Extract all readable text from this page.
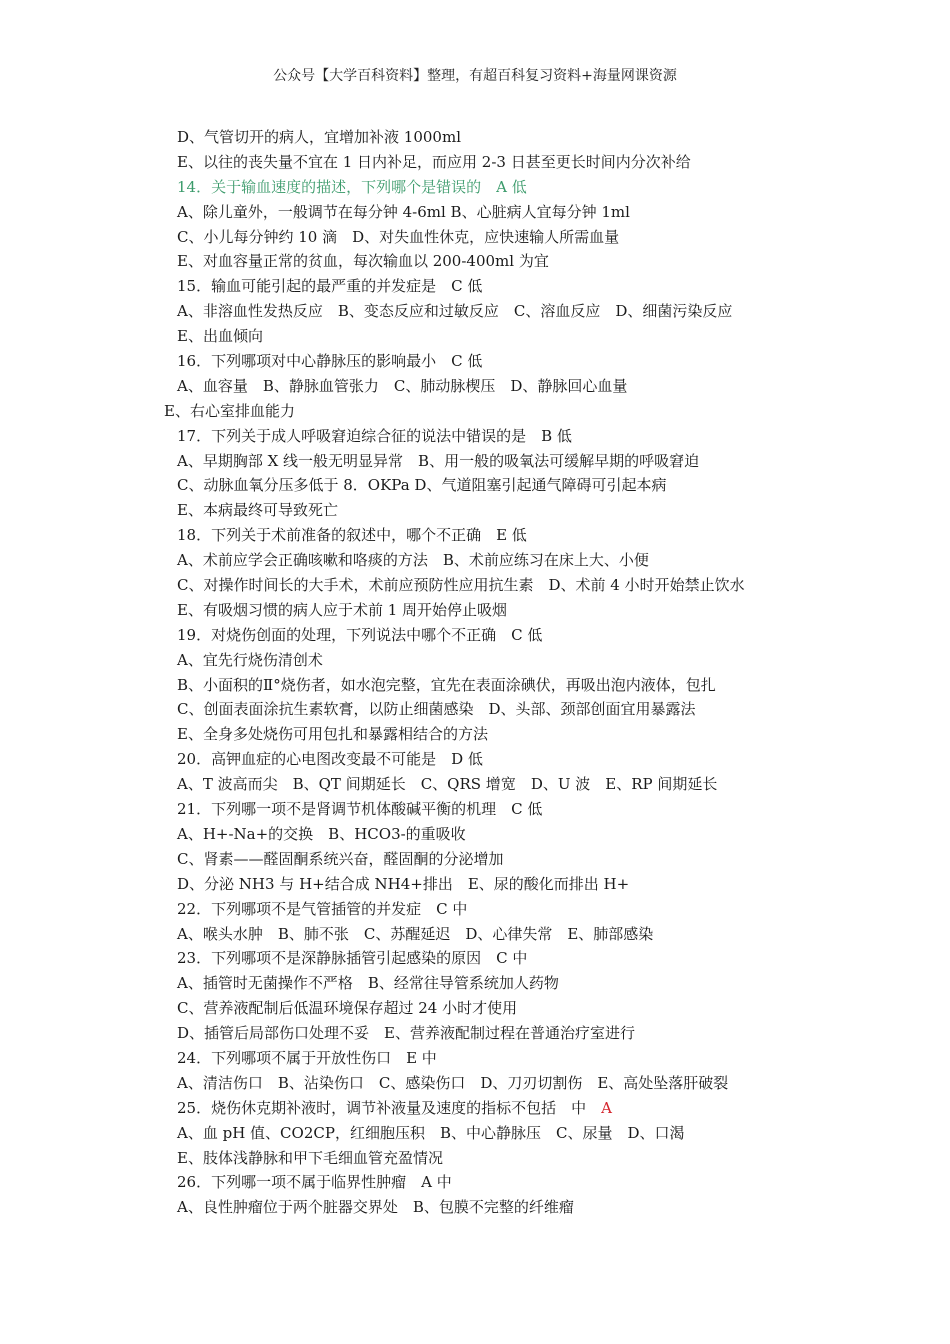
公众号【大学百科资料】整理，有超百科复习资料+海量网课资源
D、气管切开的病人，宜增加补液 1000ml
E、以往的丧失量不宜在 1 日内补足，而应用 2-3 日甚至更长时间内分次补给
14．关于输血速度的描述，下列哪个是错误的　A 低
A、除儿童外，一般调节在每分钟 4-6ml B、心脏病人宜每分钟 1ml
C、小儿每分钟约 10 滴　D、对失血性休克，应快速输人所需血量
E、对血容量正常的贫血，每次输血以 200-400ml 为宜
15．输血可能引起的最严重的并发症是　C 低
A、非溶血性发热反应　B、变态反应和过敏反应　C、溶血反应　D、细菌污染反应
E、出血倾向
16．下列哪项对中心静脉压的影响最小　C 低
A、血容量　B、静脉血管张力　C、肺动脉楔压　D、静脉回心血量
E、右心室排血能力
17．下列关于成人呼吸窘迫综合征的说法中错误的是　B 低
A、早期胸部 X 线一般无明显异常　B、用一般的吸氧法可缓解早期的呼吸窘迫
C、动脉血氧分压多低于 8．OKPa D、气道阻塞引起通气障碍可引起本病
E、本病最终可导致死亡
18．下列关于术前准备的叙述中，哪个不正确　E 低
A、术前应学会正确咳嗽和咯痰的方法　B、术前应练习在床上大、小便
C、对操作时间长的大手术，术前应预防性应用抗生素　D、术前 4 小时开始禁止饮水
E、有吸烟习惯的病人应于术前 1 周开始停止吸烟
19．对烧伤创面的处理，下列说法中哪个不正确　C 低
A、宜先行烧伤清创术
B、小面积的Ⅱ°烧伤者，如水泡完整，宜先在表面涂碘伏，再吸出泡内液体，包扎
C、创面表面涂抗生素软膏，以防止细菌感染　D、头部、颈部创面宜用暴露法
E、全身多处烧伤可用包扎和暴露相结合的方法
20．高钾血症的心电图改变最不可能是　D 低
A、T 波高而尖　B、QT 间期延长　C、QRS 增宽　D、U 波　E、RP 间期延长
21．下列哪一项不是肾调节机体酸碱平衡的机理　C 低
A、H+-Na+的交换　B、HCO3-的重吸收
C、肾素——醛固酮系统兴奋，醛固酮的分泌增加
D、分泌 NH3 与 H+结合成 NH4+排出　E、尿的酸化而排出 H+
22．下列哪项不是气管插管的并发症　C 中
A、喉头水肿　B、肺不张　C、苏醒延迟　D、心律失常　E、肺部感染
23．下列哪项不是深静脉插管引起感染的原因　C 中
A、插管时无菌操作不严格　B、经常往导管系统加人药物
C、营养液配制后低温环境保存超过 24 小时才使用
D、插管后局部伤口处理不妥　E、营养液配制过程在普通治疗室进行
24．下列哪项不属于开放性伤口　E 中
A、清洁伤口　B、沾染伤口　C、感染伤口　D、刀刃切割伤　E、高处坠落肝破裂
25．烧伤休克期补液时，调节补液量及速度的指标不包括　中　A
A、血 pH 值、CO2CP，红细胞压积　B、中心静脉压　C、尿量　D、口渴
E、肢体浅静脉和甲下毛细血管充盈情况
26．下列哪一项不属于临界性肿瘤　A 中
A、良性肿瘤位于两个脏器交界处　B、包膜不完整的纤维瘤
